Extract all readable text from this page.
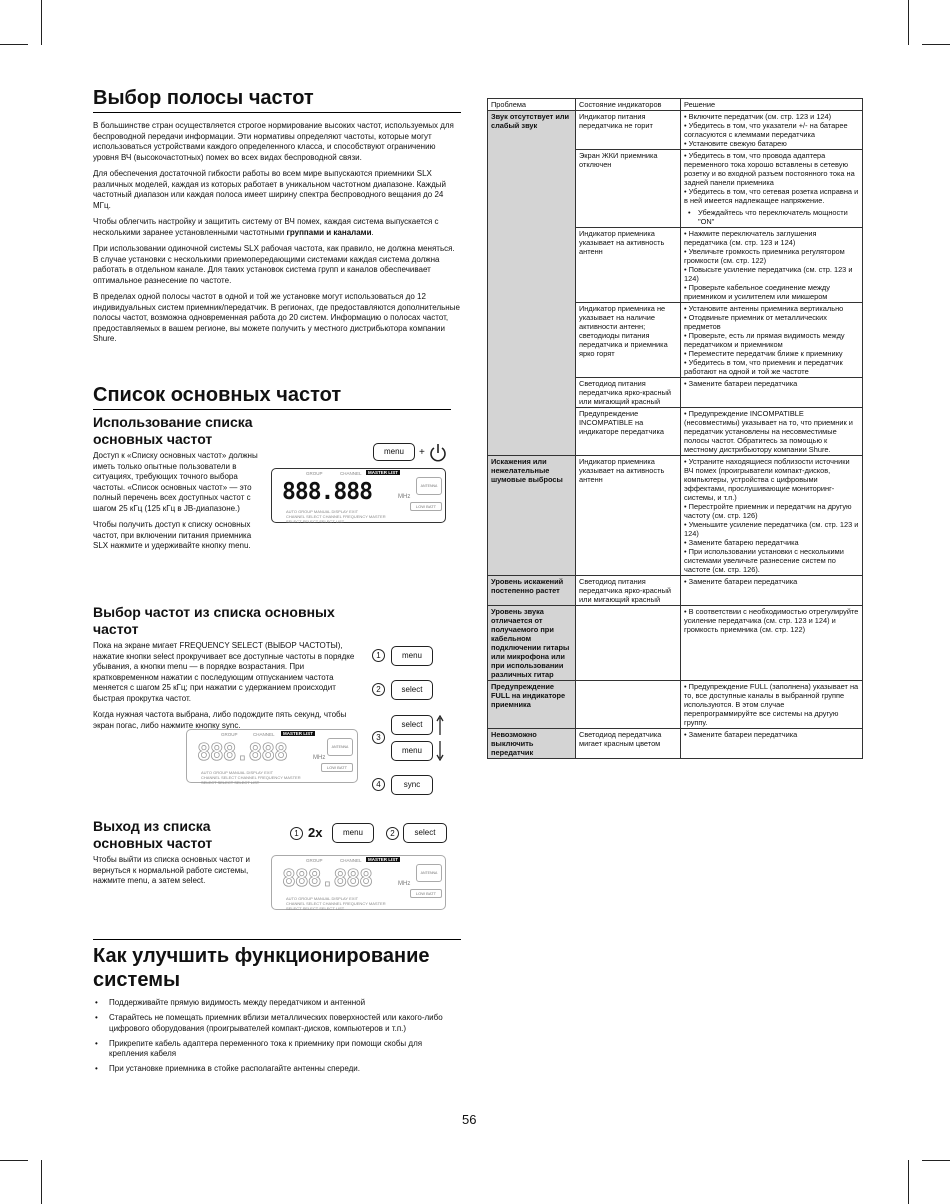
Выбор полосы частот
В большинстве стран осуществляется строгое нормирование высоких частот, используемых для беспроводной передачи информации. Эти нормативы определяют частоты, которые могут использоваться устройствами каждого определенного класса, и способствуют ограничению уровня ВЧ (высокочастотных) помех во всех видах беспроводной связи.
Для обеспечения достаточной гибкости работы во всем мире выпускаются приемники SLX различных моделей, каждая из которых работает в уникальном частотном диапазоне. Каждый частотный диапазон или каждая полоса имеет ширину спектра беспроводного вещания до 24 МГц.
Чтобы облегчить настройку и защитить систему от ВЧ помех, каждая система выпускается с несколькими заранее установленными частотными группами и каналами.
При использовании одиночной системы SLX рабочая частота, как правило, не должна меняться. В случае установки с несколькими приемопередающими системами каждая система должна работать в отдельном канале. Для таких установок система групп и каналов обеспечивает оптимальное разнесение по частоте.
В пределах одной полосы частот в одной и той же установке могут использоваться до 12 индивидуальных систем приемник/передатчик. В регионах, где предоставляются дополнительные полосы частот, возможна одновременная работа до 20 систем. Информацию о полосах частот, предоставляемых в вашем регионе, вы можете получить у местного дистрибьютора компании Shure.
Список основных частот
Использование списка основных частот
Доступ к «Списку основных частот» должны иметь только опытные пользователи в ситуациях, требующих точного выбора частоты. «Список основных частот» — это полный перечень всех доступных частот с шагом 25 кГц (125 кГц в JB-диапазоне.)
Чтобы получить доступ к списку основных частот, при включении питания приемника SLX нажмите и удерживайте кнопку menu.
menu	+
GROUP	CHANNEL	MASTER LIST
888.888	MHz
ANTENNA
LOW BATT
AUTO GROUP MANUAL DISPLAY EXIT
CHANNEL SELECT CHANNEL FREQUENCY MASTER
SELECT SELECT SELECT LIST
Выбор частот из списка основных частот
Пока на экране мигает FREQUENCY SELECT (ВЫБОР ЧАСТОТЫ), нажатие кнопки select прокручивает все доступные частоты в порядке убывания, а кнопки menu — в порядке возрастания. При кратковременном нажатии с последующим отпусканием частота меняется с шагом 25 кГц; при нажатии с удержанием происходит быстрая прокрутка частот.
Когда нужная частота выбрана, либо подождите пять секунд, чтобы экран погас, либо нажмите кнопку sync.
1	menu
2	select
select
3
menu
GROUP	CHANNEL	MASTER LIST
888.888	MHz
ANTENNA
LOW BATT
AUTO GROUP MANUAL DISPLAY EXIT
CHANNEL SELECT CHANNEL FREQUENCY MASTER
SELECT SELECT SELECT LIST	4	sync
Выход из списка основных частот
Чтобы выйти из списка основных частот и вернуться к нормальной работе системы, нажмите menu, а затем select.
1 2x	menu	2	select
GROUP	CHANNEL	MASTER LIST
888.888	MHz
ANTENNA
LOW BATT
AUTO GROUP MANUAL DISPLAY EXIT
CHANNEL SELECT CHANNEL FREQUENCY MASTER
SELECT SELECT SELECT LIST
Как улучшить функционирование системы
• Поддерживайте прямую видимость между передатчиком и антенной
• Старайтесь не помещать приемник вблизи металлических поверхностей или какого-либо цифрового оборудования (проигрывателей компакт-дисков, компьютеров и т.п.)
• Прикрепите кабель адаптера переменного тока к приемнику при помощи скобы для крепления кабеля
• При установке приемника в стойке располагайте антенны спереди.
Проблема	Состояние индикаторов	Решение
Звук отсутствует или слабый звук	Индикатор питания передатчика не горит	• Включите передатчик (см. стр. 123 и 124)
• Убедитесь в том, что указатели +/- на батарее согласуются с клеммами передатчика
• Установите свежую батарею

	Экран ЖКИ приемника отключен	• Убедитесь в том, что провода адаптера переменного тока хорошо вставлены в сетевую розетку и во входной разъем постоянного тока на задней панели приемника
• Убедитесь в том, что сетевая розетка исправна и в ней имеется надлежащее напряжение.
• Убеждайтесь что переключатель мощности "ON"

	Индикатор приемника указывает на активность антенн	• Нажмите переключатель заглушения передатчика (см. стр. 123 и 124)
• Увеличьте громкость приемника регулятором громкости (см. стр. 122)
• Повысьте усиление передатчика (см. стр. 123 и 124)
• Проверьте кабельное соединение между приемником и усилителем или микшером

	Индикатор приемника не указывает на наличие активности антенн; светодиоды питания передатчика и приемника ярко горят	• Установите антенны приемника вертикально
• Отодвиньте приемник от металлических предметов
• Проверьте, есть ли прямая видимость между передатчиком и приемником
• Переместите передатчик ближе к приемнику
• Убедитесь в том, что приемник и передатчик работают на одной и той же частоте

	Светодиод питания передатчика ярко-красный или мигающий красный	• Замените батареи передатчика

	Предупреждение INCOMPATIBLE на индикаторе передатчика	• Предупреждение INCOMPATIBLE (несовместимы) указывает на то, что приемник и передатчик установлены на несовместимые полосы частот. Обратитесь за помощью к местному дистрибьютору компании Shure.

Искажения или нежелательные шумовые выбросы	Индикатор приемника указывает на активность антенн	• Устраните находящиеся поблизости источники ВЧ помех (проигрыватели компакт-дисков, компьютеры, устройства с цифровыми эффектами, прослушивающие мониторинг-системы, и т.п.)
• Перестройте приемник и передатчик на другую частоту (см. стр. 126)
• Уменьшите усиление передатчика (см. стр. 123 и 124)
• Замените батарею передатчика
• При использовании установки с несколькими системами увеличьте разнесение систем по частоте (см. стр. 126).

Уровень искажений постепенно растет	Светодиод питания передатчика ярко-красный или мигающий красный	• Замените батареи передатчика

Уровень звука отличается от получаемого при кабельном подключении гитары или микрофона или при использовании различных гитар		• В соответствии с необходимостью отрегулируйте усиление передатчика (см. стр. 123 и 124) и громкость приемника (см. стр. 122)

Предупреждение FULL на индикаторе приемника		• Предупреждение FULL (заполнена) указывает на то, все доступные каналы в выбранной группе используются. В этом случае перепрограммируйте все системы на другую группу.

Невозможно выключить передатчик	Светодиод передатчика мигает красным цветом	• Замените батареи передатчика
56
